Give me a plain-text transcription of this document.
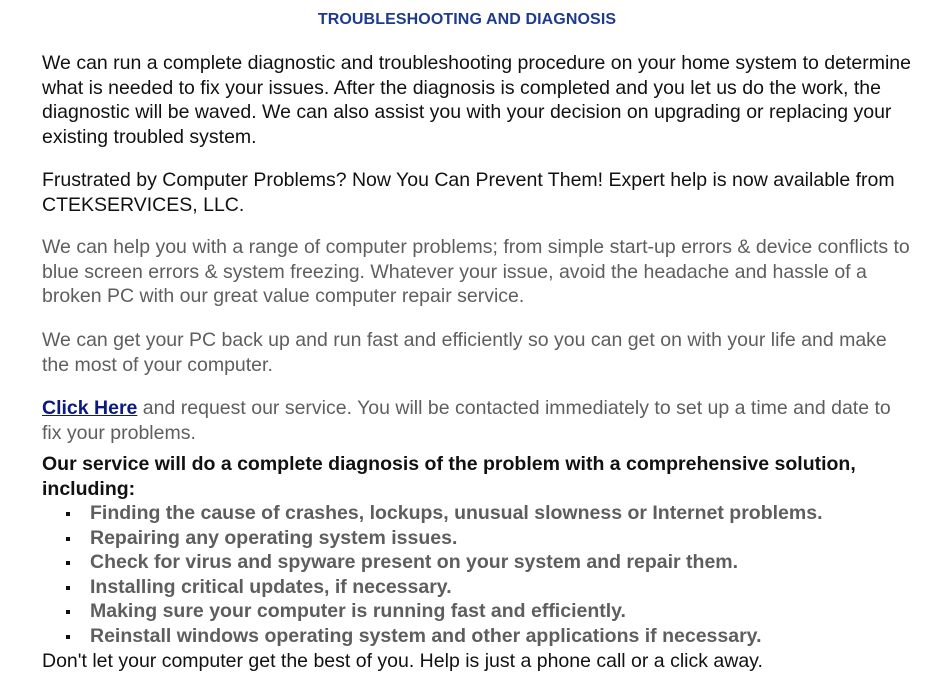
TROUBLESHOOTING AND DIAGNOSIS

We can run a complete diagnostic and troubleshooting procedure on your home system to determine what is needed to fix your issues. After the diagnosis is completed and you let us do the work, the diagnostic will be waved. We can also assist you with your decision on upgrading or replacing your existing troubled system.

Frustrated by Computer Problems? Now You Can Prevent Them! Expert help is now available from CTEKSERVICES, LLC.

We can help you with a range of computer problems; from simple start-up errors & device conflicts to blue screen errors & system freezing. Whatever your issue, avoid the headache and hassle of a broken PC with our great value computer repair service.

We can get your PC back up and run fast and efficiently so you can get on with your life and make the most of your computer.

Click Here and request our service. You will be contacted immediately to set up a time and date to fix your problems.

Our service will do a complete diagnosis of the problem with a comprehensive solution, including:

Finding the cause of crashes, lockups, unusual slowness or Internet problems.
Repairing any operating system issues.
Check for virus and spyware present on your system and repair them.
Installing critical updates, if necessary.
Making sure your computer is running fast and efficiently.
Reinstall windows operating system and other applications if necessary.

Don't let your computer get the best of you. Help is just a phone call or a click away.
